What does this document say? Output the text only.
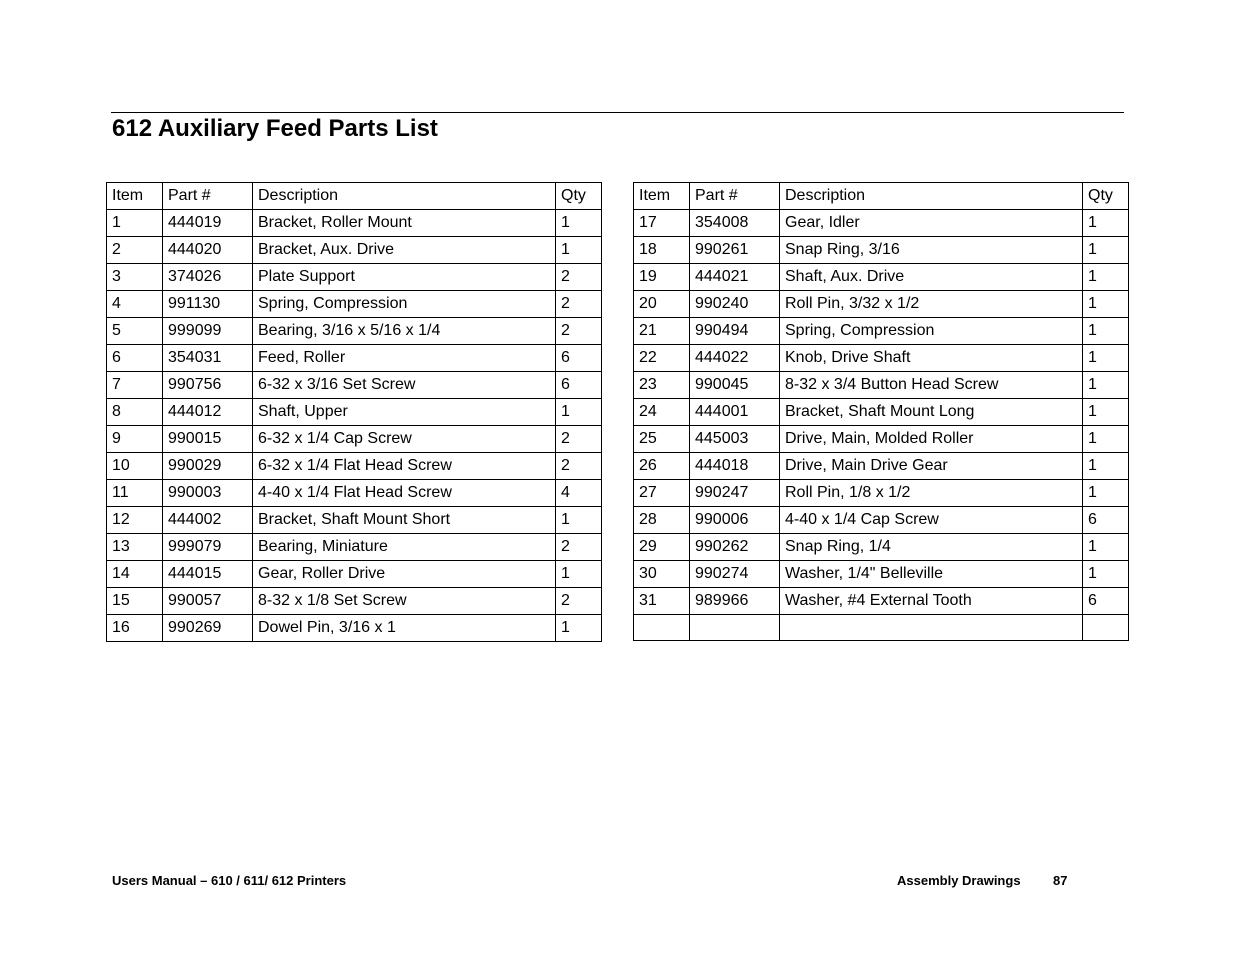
612 Auxiliary Feed Parts List
Item	Part #	Description	Qty
1	444019	Bracket, Roller Mount	1
2	444020	Bracket, Aux. Drive	1
3	374026	Plate Support	2
4	991130	Spring, Compression	2
5	999099	Bearing, 3/16 x 5/16 x 1/4	2
6	354031	Feed, Roller	6
7	990756	6-32 x 3/16 Set Screw	6
8	444012	Shaft, Upper	1
9	990015	6-32 x 1/4 Cap Screw	2
10	990029	6-32 x 1/4 Flat Head Screw	2
11	990003	4-40 x 1/4 Flat Head Screw	4
12	444002	Bracket, Shaft Mount Short	1
13	999079	Bearing, Miniature	2
14	444015	Gear, Roller Drive	1
15	990057	8-32 x 1/8 Set Screw	2
16	990269	Dowel Pin, 3/16 x 1	1
Item	Part #	Description	Qty
17	354008	Gear, Idler	1
18	990261	Snap Ring, 3/16	1
19	444021	Shaft, Aux. Drive	1
20	990240	Roll Pin, 3/32 x 1/2	1
21	990494	Spring, Compression	1
22	444022	Knob, Drive Shaft	1
23	990045	8-32 x 3/4 Button Head Screw	1
24	444001	Bracket, Shaft Mount Long	1
25	445003	Drive, Main, Molded Roller	1
26	444018	Drive, Main Drive Gear	1
27	990247	Roll Pin, 1/8 x 1/2	1
28	990006	4-40 x 1/4 Cap Screw	6
29	990262	Snap Ring, 1/4	1
30	990274	Washer, 1/4" Belleville	1
31	989966	Washer, #4 External Tooth	6

Users Manual – 610 / 611/ 612 Printers	Assembly Drawings 87
